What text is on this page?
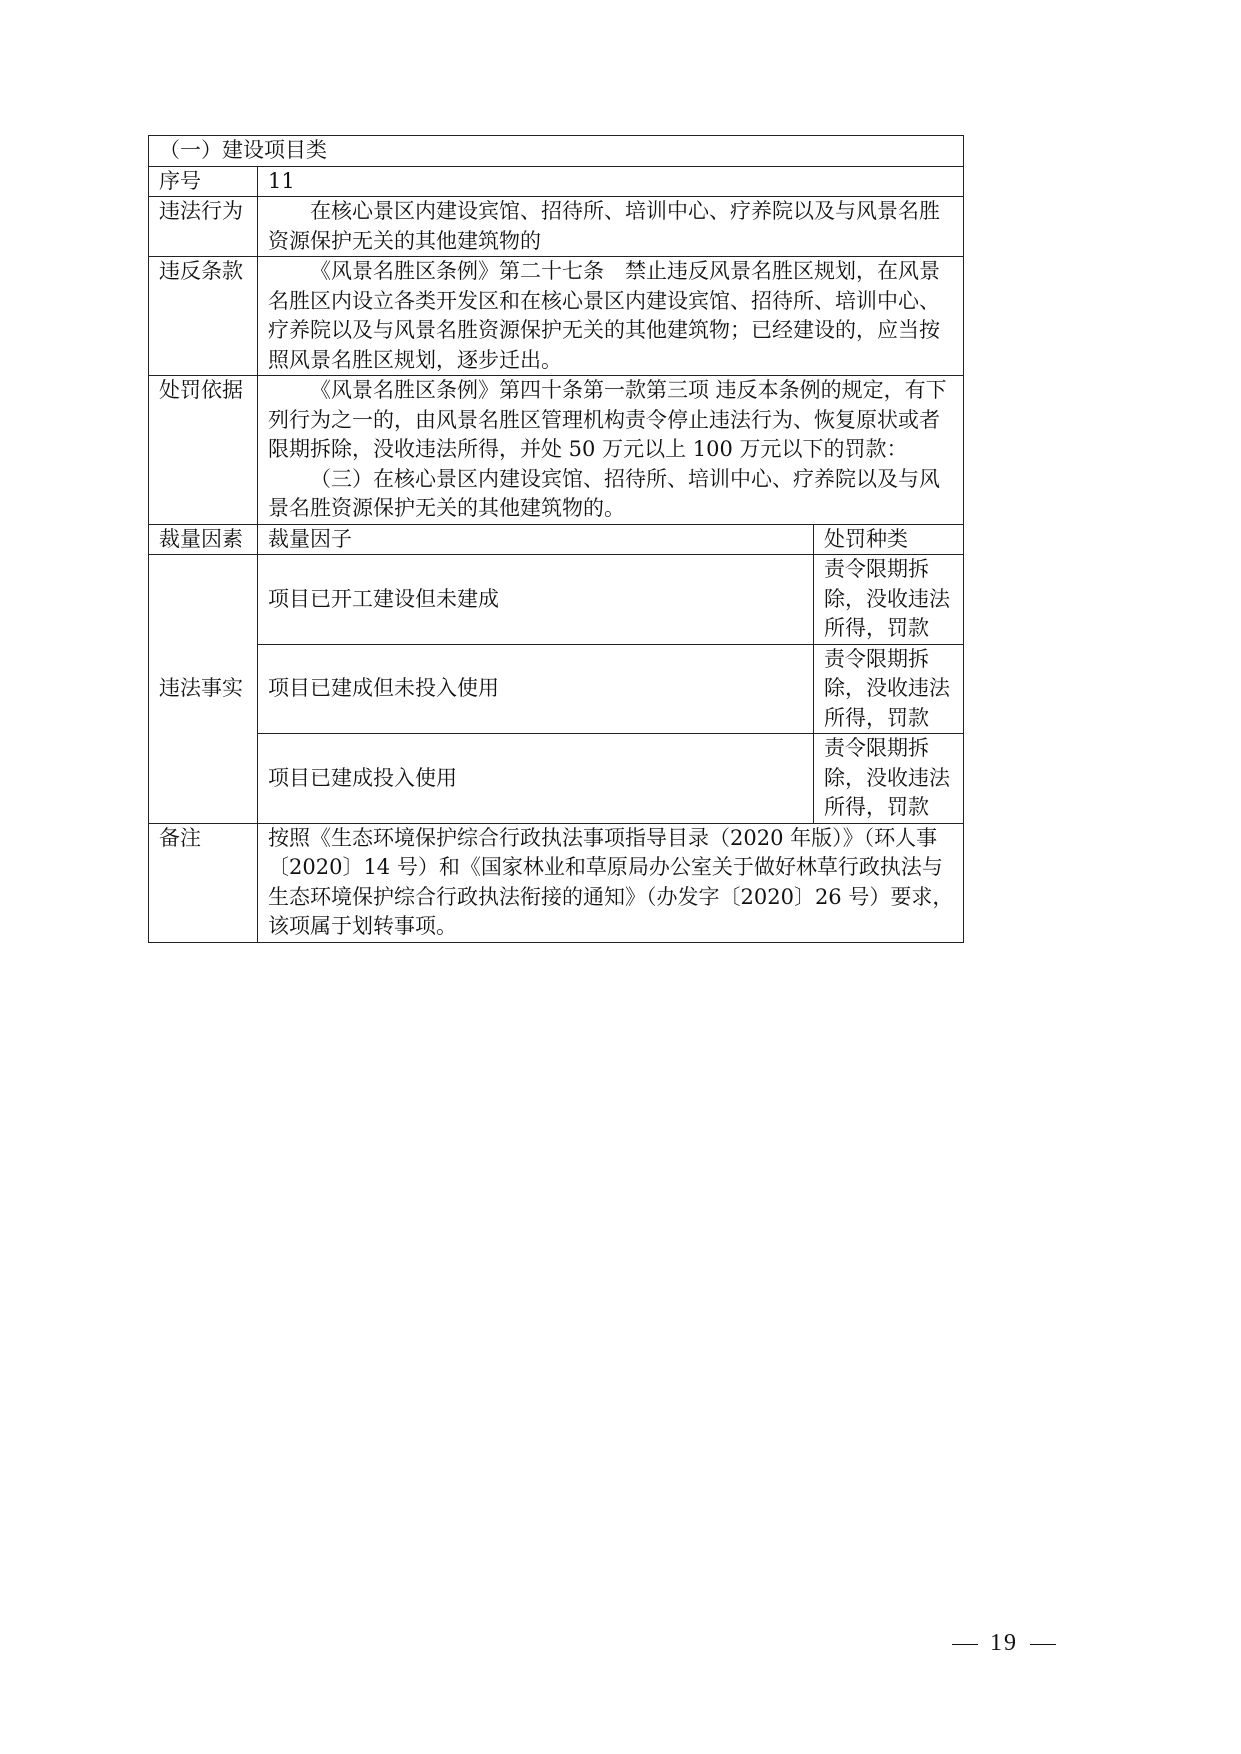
（一）建设项目类		
序号	11	
违法行为	在核心景区内建设宾馆、招待所、培训中心、疗养院以及与风景名胜资源保护无关的其他建筑物的	
违反条款	《风景名胜区条例》第二十七条　禁止违反风景名胜区规划，在风景名胜区内设立各类开发区和在核心景区内建设宾馆、招待所、培训中心、疗养院以及与风景名胜资源保护无关的其他建筑物；已经建设的，应当按照风景名胜区规划，逐步迁出。	
处罚依据	《风景名胜区条例》第四十条第一款第三项 违反本条例的规定，有下列行为之一的，由风景名胜区管理机构责令停止违法行为、恢复原状或者限期拆除，没收违法所得，并处 50 万元以上 100 万元以下的罚款：
（三）在核心景区内建设宾馆、招待所、培训中心、疗养院以及与风景名胜资源保护无关的其他建筑物的。	

裁量因素	裁量因子	处罚种类
违法事实	项目已开工建设但未建成	责令限期拆除，没收违法所得，罚款
	项目已建成但未投入使用	责令限期拆除，没收违法所得，罚款
	项目已建成投入使用	责令限期拆除，没收违法所得，罚款
备注	按照《生态环境保护综合行政执法事项指导目录（2020 年版）》（环人事〔2020〕14 号）和《国家林业和草原局办公室关于做好林草行政执法与生态环境保护综合行政执法衔接的通知》（办发字〔2020〕26 号）要求，该项属于划转事项。	
19
